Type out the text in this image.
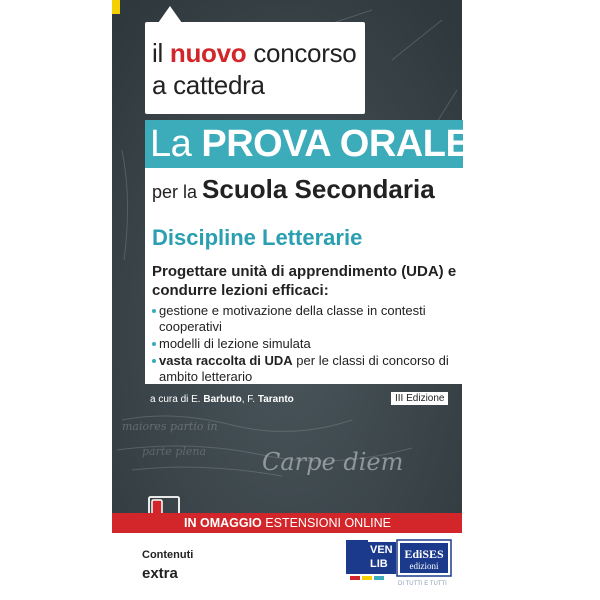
Carpe diem
maiores partio in
parte plena
il nuovo concorso
a cattedra
La PROVA ORALE
per la Scuola Secondaria
Discipline Letterarie
Progettare unità di apprendimento (UDA) e condurre lezioni efficaci:
gestione e motivazione della classe in contesti cooperativi
modelli di lezione simulata
vasta raccolta di UDA per le classi di concorso di ambito letterario
a cura di E. Barbuto, F. Taranto	III Edizione
IN OMAGGIO ESTENSIONI ONLINE
Contenuti
extra
VEN
LIB
EdiSES
edizioni
DI TUTTI E TUTTI
